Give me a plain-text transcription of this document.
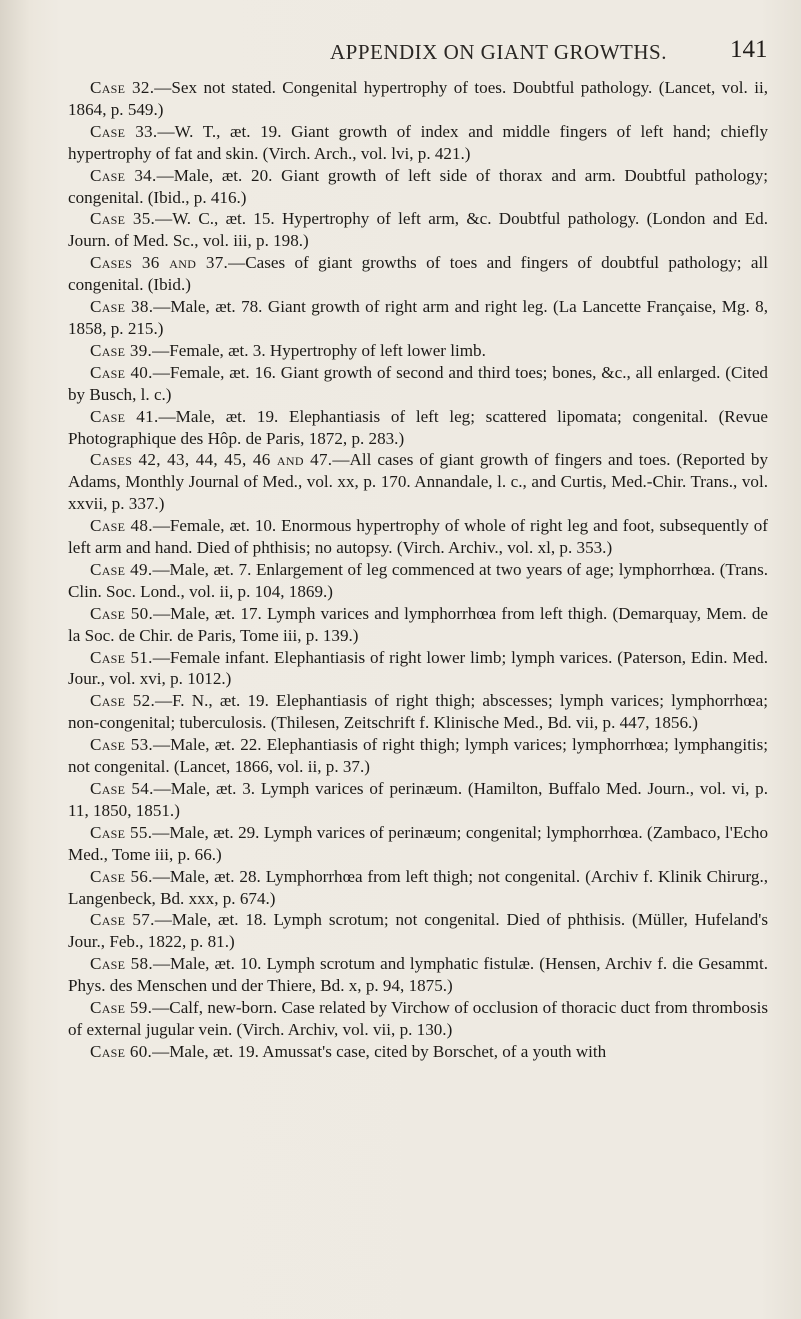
APPENDIX ON GIANT GROWTHS.	141

Case 32.—Sex not stated. Congenital hypertrophy of toes. Doubtful pathology. (Lancet, vol. ii, 1864, p. 549.)

Case 33.—W. T., æt. 19. Giant growth of index and middle fingers of left hand; chiefly hypertrophy of fat and skin. (Virch. Arch., vol. lvi, p. 421.)

Case 34.—Male, æt. 20. Giant growth of left side of thorax and arm. Doubtful pathology; congenital. (Ibid., p. 416.)

Case 35.—W. C., æt. 15. Hypertrophy of left arm, &c. Doubtful pathology. (London and Ed. Journ. of Med. Sc., vol. iii, p. 198.)

Cases 36 and 37.—Cases of giant growths of toes and fingers of doubtful pathology; all congenital. (Ibid.)

Case 38.—Male, æt. 78. Giant growth of right arm and right leg. (La Lancette Française, Mg. 8, 1858, p. 215.)

Case 39.—Female, æt. 3. Hypertrophy of left lower limb.

Case 40.—Female, æt. 16. Giant growth of second and third toes; bones, &c., all enlarged. (Cited by Busch, l. c.)

Case 41.—Male, æt. 19. Elephantiasis of left leg; scattered lipomata; congenital. (Revue Photographique des Hôp. de Paris, 1872, p. 283.)

Cases 42, 43, 44, 45, 46 and 47.—All cases of giant growth of fingers and toes. (Reported by Adams, Monthly Journal of Med., vol. xx, p. 170. Annandale, l. c., and Curtis, Med.-Chir. Trans., vol. xxvii, p. 337.)

Case 48.—Female, æt. 10. Enormous hypertrophy of whole of right leg and foot, subsequently of left arm and hand. Died of phthisis; no autopsy. (Virch. Archiv., vol. xl, p. 353.)

Case 49.—Male, æt. 7. Enlargement of leg commenced at two years of age; lymphorrhœa. (Trans. Clin. Soc. Lond., vol. ii, p. 104, 1869.)

Case 50.—Male, æt. 17. Lymph varices and lymphorrhœa from left thigh. (Demarquay, Mem. de la Soc. de Chir. de Paris, Tome iii, p. 139.)

Case 51.—Female infant. Elephantiasis of right lower limb; lymph varices. (Paterson, Edin. Med. Jour., vol. xvi, p. 1012.)

Case 52.—F. N., æt. 19. Elephantiasis of right thigh; abscesses; lymph varices; lymphorrhœa; non-congenital; tuberculosis. (Thilesen, Zeitschrift f. Klinische Med., Bd. vii, p. 447, 1856.)

Case 53.—Male, æt. 22. Elephantiasis of right thigh; lymph varices; lymphorrhœa; lymphangitis; not congenital. (Lancet, 1866, vol. ii, p. 37.)

Case 54.—Male, æt. 3. Lymph varices of perinæum. (Hamilton, Buffalo Med. Journ., vol. vi, p. 11, 1850, 1851.)

Case 55.—Male, æt. 29. Lymph varices of perinæum; congenital; lymphorrhœa. (Zambaco, l'Echo Med., Tome iii, p. 66.)

Case 56.—Male, æt. 28. Lymphorrhœa from left thigh; not congenital. (Archiv f. Klinik Chirurg., Langenbeck, Bd. xxx, p. 674.)

Case 57.—Male, æt. 18. Lymph scrotum; not congenital. Died of phthisis. (Müller, Hufeland's Jour., Feb., 1822, p. 81.)

Case 58.—Male, æt. 10. Lymph scrotum and lymphatic fistulæ. (Hensen, Archiv f. die Gesammt. Phys. des Menschen und der Thiere, Bd. x, p. 94, 1875.)

Case 59.—Calf, new-born. Case related by Virchow of occlusion of thoracic duct from thrombosis of external jugular vein. (Virch. Archiv, vol. vii, p. 130.)

Case 60.—Male, æt. 19. Amussat's case, cited by Borschet, of a youth with
